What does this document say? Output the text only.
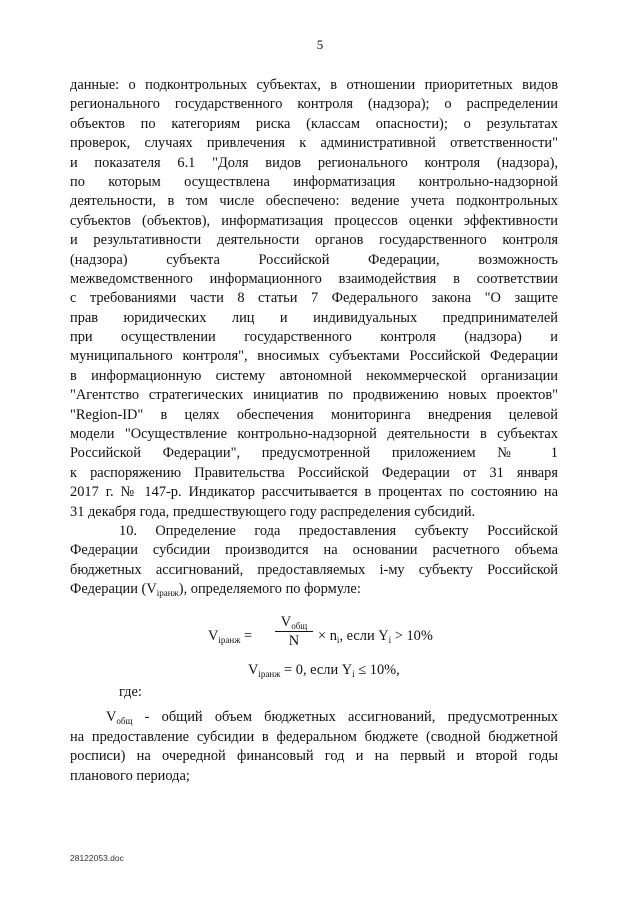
5
данные: о подконтрольных субъектах, в отношении приоритетных видов
регионального государственного контроля (надзора); о распределении
объектов по категориям риска (классам опасности); о результатах
проверок, случаях привлечения к административной ответственности"
и показателя 6.1 "Доля видов регионального контроля (надзора),
по которым осуществлена информатизация контрольно-надзорной
деятельности, в том числе обеспечено: ведение учета подконтрольных
субъектов (объектов), информатизация процессов оценки эффективности
и результативности деятельности органов государственного контроля
(надзора) субъекта Российской Федерации, возможность
межведомственного информационного взаимодействия в соответствии
с требованиями части 8 статьи 7 Федерального закона "О защите
прав юридических лиц и индивидуальных предпринимателей
при осуществлении государственного контроля (надзора) и
муниципального контроля", вносимых субъектами Российской Федерации
в информационную систему автономной некоммерческой организации
"Агентство стратегических инициатив по продвижению новых проектов"
"Region-ID" в целях обеспечения мониторинга внедрения целевой
модели "Осуществление контрольно-надзорной деятельности в субъектах
Российской Федерации", предусмотренной приложением № 1
к распоряжению Правительства Российской Федерации от 31 января
2017 г. № 147-р. Индикатор рассчитывается в процентах по состоянию на
31 декабря года, предшествующего году распределения субсидий.
10. Определение года предоставления субъекту Российской
Федерации субсидии производится на основании расчетного объема
бюджетных ассигнований, предоставляемых i-му субъекту Российской
Федерации $(V_{iранж})$, определяемого по формуле:
$V_{iранж}$ =
$V_{общ}$
N	× $n_i$, если $Y_i > 10\%$
$V_{iранж} = 0$, если $Y_i \le 10\%$,
где:
$V_{общ}$ - общий объем бюджетных ассигнований, предусмотренных
на предоставление субсидии в федеральном бюджете (сводной бюджетной
росписи) на очередной финансовый год и на первый и второй годы
планового периода;
28122053.doc
